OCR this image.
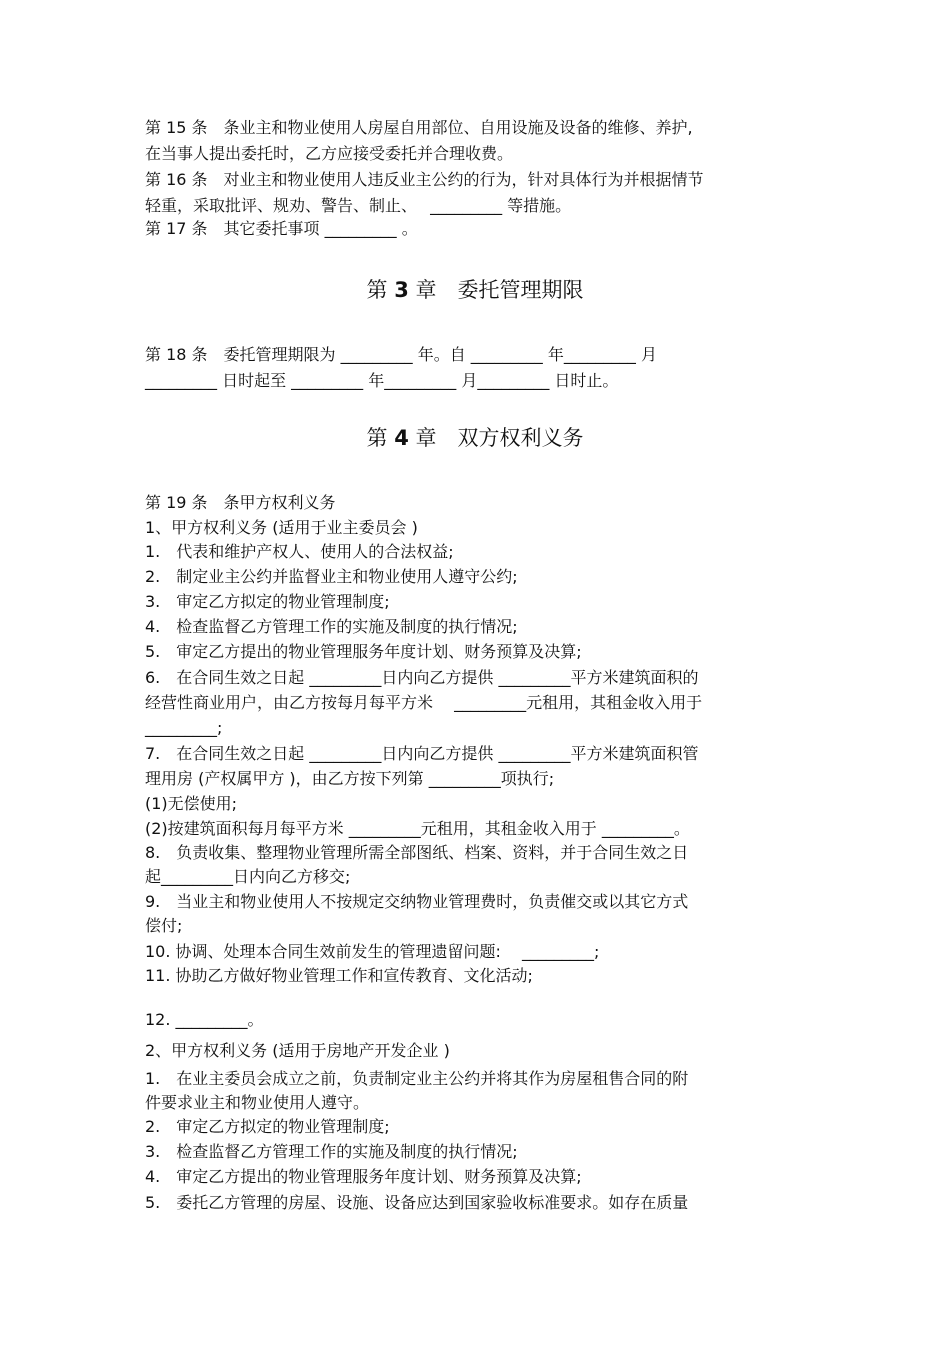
第 15 条　条业主和物业使用人房屋自用部位、自用设施及设备的维修、养护,
在当事人提出委托时，乙方应接受委托并合理收费。
第 16 条　对业主和物业使用人违反业主公约的行为，针对具体行为并根据情节
轻重，采取批评、规劝、警告、制止、　 _________ 等措施。
第 17 条　其它委托事项 _________ 。
第 3 章　委托管理期限
第 18 条　委托管理期限为 _________ 年。自 _________ 年_________ 月
_________ 日时起至 _________ 年_________ 月_________ 日时止。
第 4 章　双方权利义务
第 19 条　条甲方权利义务
1、甲方权利义务 (适用于业主委员会 )
1.　代表和维护产权人、使用人的合法权益;
2.　制定业主公约并监督业主和物业使用人遵守公约;
3.　审定乙方拟定的物业管理制度;
4.　检查监督乙方管理工作的实施及制度的执行情况;
5.　审定乙方提出的物业管理服务年度计划、财务预算及决算;
6.　在合同生效之日起 _________日内向乙方提供 _________平方米建筑面积的
经营性商业用户，由乙方按每月每平方米　 _________元租用，其租金收入用于
_________;
7.　在合同生效之日起 _________日内向乙方提供 _________平方米建筑面积管
理用房 (产权属甲方 )，由乙方按下列第 _________项执行;
(1)无偿使用;
(2)按建筑面积每月每平方米 _________元租用，其租金收入用于 _________。
8.　负责收集、整理物业管理所需全部图纸、档案、资料，并于合同生效之日
起_________日内向乙方移交;
9.　当业主和物业使用人不按规定交纳物业管理费时，负责催交或以其它方式
偿付;
10. 协调、处理本合同生效前发生的管理遗留问题:　 _________;
11. 协助乙方做好物业管理工作和宣传教育、文化活动;
12. _________。
2、甲方权利义务 (适用于房地产开发企业 )
1.　在业主委员会成立之前，负责制定业主公约并将其作为房屋租售合同的附
件要求业主和物业使用人遵守。
2.　审定乙方拟定的物业管理制度;
3.　检查监督乙方管理工作的实施及制度的执行情况;
4.　审定乙方提出的物业管理服务年度计划、财务预算及决算;
5.　委托乙方管理的房屋、设施、设备应达到国家验收标准要求。如存在质量
